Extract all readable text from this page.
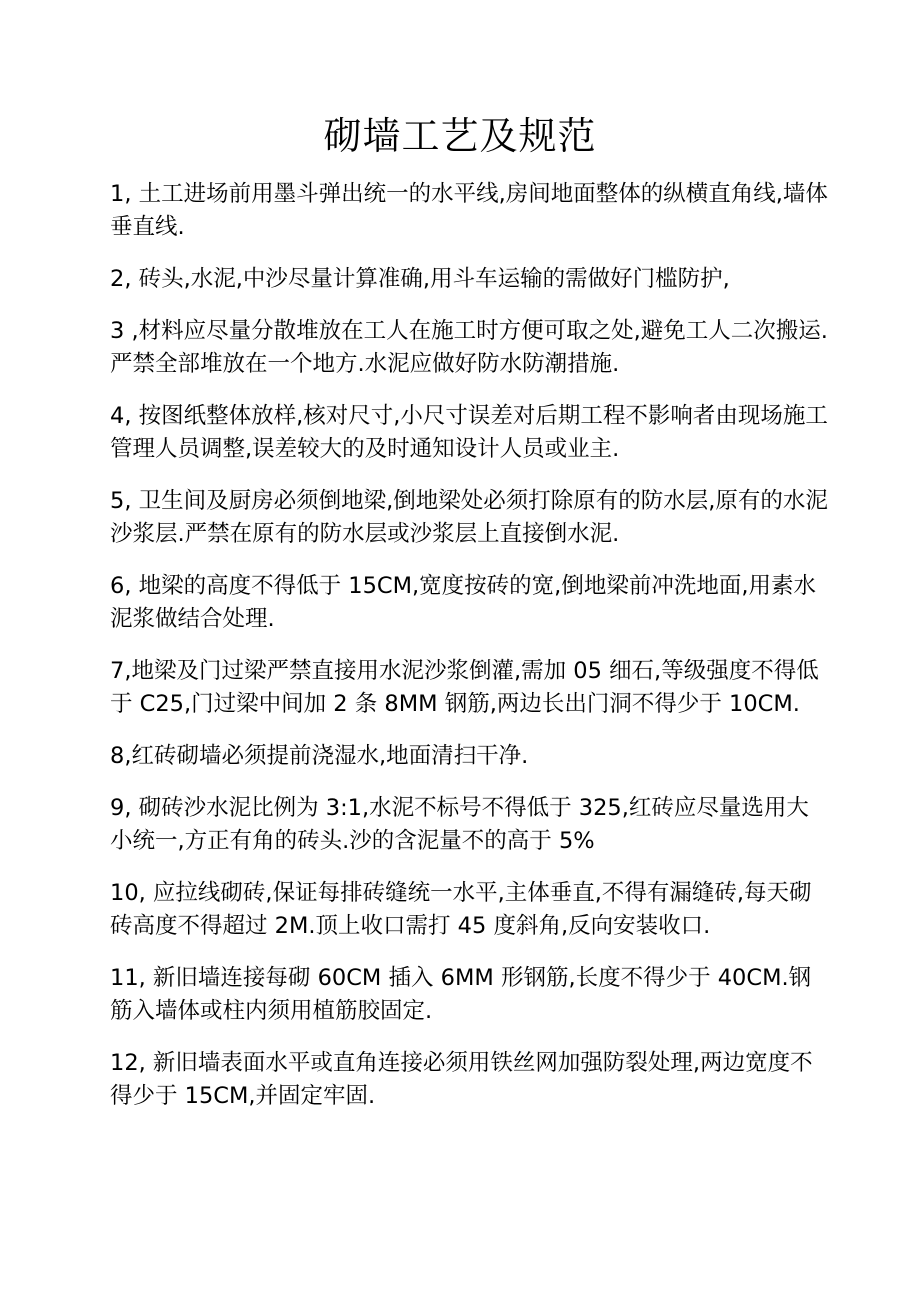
砌墙工艺及规范

1, 土工进场前用墨斗弹出统一的水平线,房间地面整体的纵横直角线,墙体垂直线.

2, 砖头,水泥,中沙尽量计算准确,用斗车运输的需做好门槛防护,

3 ,材料应尽量分散堆放在工人在施工时方便可取之处,避免工人二次搬运.严禁全部堆放在一个地方.水泥应做好防水防潮措施.

4, 按图纸整体放样,核对尺寸,小尺寸误差对后期工程不影响者由现场施工管理人员调整,误差较大的及时通知设计人员或业主.

5, 卫生间及厨房必须倒地梁,倒地梁处必须打除原有的防水层,原有的水泥沙浆层.严禁在原有的防水层或沙浆层上直接倒水泥.

6, 地梁的高度不得低于 15CM,宽度按砖的宽,倒地梁前冲洗地面,用素水泥浆做结合处理.

7,地梁及门过梁严禁直接用水泥沙浆倒灌,需加 05 细石,等级强度不得低于 C25,门过梁中间加 2 条 8MM 钢筋,两边长出门洞不得少于 10CM.

8,红砖砌墙必须提前浇湿水,地面清扫干净.

9, 砌砖沙水泥比例为 3:1,水泥不标号不得低于 325,红砖应尽量选用大小统一,方正有角的砖头.沙的含泥量不的高于 5%

10, 应拉线砌砖,保证每排砖缝统一水平,主体垂直,不得有漏缝砖,每天砌砖高度不得超过 2M.顶上收口需打 45 度斜角,反向安装收口.

11, 新旧墙连接每砌 60CM 插入 6MM 形钢筋,长度不得少于 40CM.钢筋入墙体或柱内须用植筋胶固定.

12, 新旧墙表面水平或直角连接必须用铁丝网加强防裂处理,两边宽度不得少于 15CM,并固定牢固.
